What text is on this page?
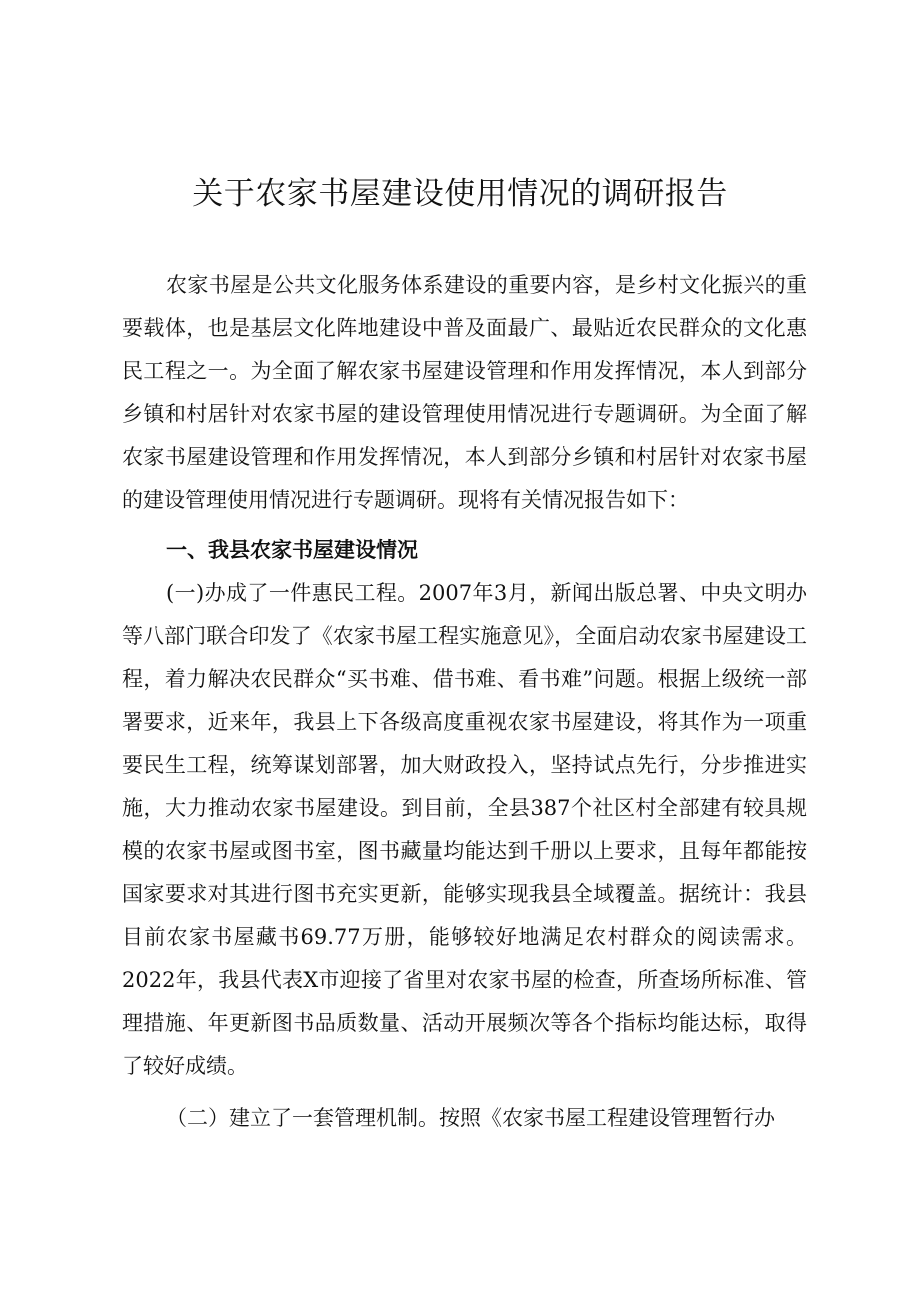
关于农家书屋建设使用情况的调研报告

农家书屋是公共文化服务体系建设的重要内容，是乡村文化振兴的重要载体，也是基层文化阵地建设中普及面最广、最贴近农民群众的文化惠民工程之一。为全面了解农家书屋建设管理和作用发挥情况，本人到部分乡镇和村居针对农家书屋的建设管理使用情况进行专题调研。为全面了解农家书屋建设管理和作用发挥情况，本人到部分乡镇和村居针对农家书屋的建设管理使用情况进行专题调研。现将有关情况报告如下：

一、我县农家书屋建设情况

(一)办成了一件惠民工程。2007年3月，新闻出版总署、中央文明办等八部门联合印发了《农家书屋工程实施意见》，全面启动农家书屋建设工程，着力解决农民群众“买书难、借书难、看书难”问题。根据上级统一部署要求，近来年，我县上下各级高度重视农家书屋建设，将其作为一项重要民生工程，统筹谋划部署，加大财政投入，坚持试点先行，分步推进实施，大力推动农家书屋建设。到目前，全县387个社区村全部建有较具规模的农家书屋或图书室，图书藏量均能达到千册以上要求，且每年都能按国家要求对其进行图书充实更新，能够实现我县全域覆盖。据统计：我县目前农家书屋藏书69.77万册，能够较好地满足农村群众的阅读需求。2022年，我县代表X市迎接了省里对农家书屋的检查，所查场所标准、管理措施、年更新图书品质数量、活动开展频次等各个指标均能达标，取得了较好成绩。

（二）建立了一套管理机制。按照《农家书屋工程建设管理暂行办
